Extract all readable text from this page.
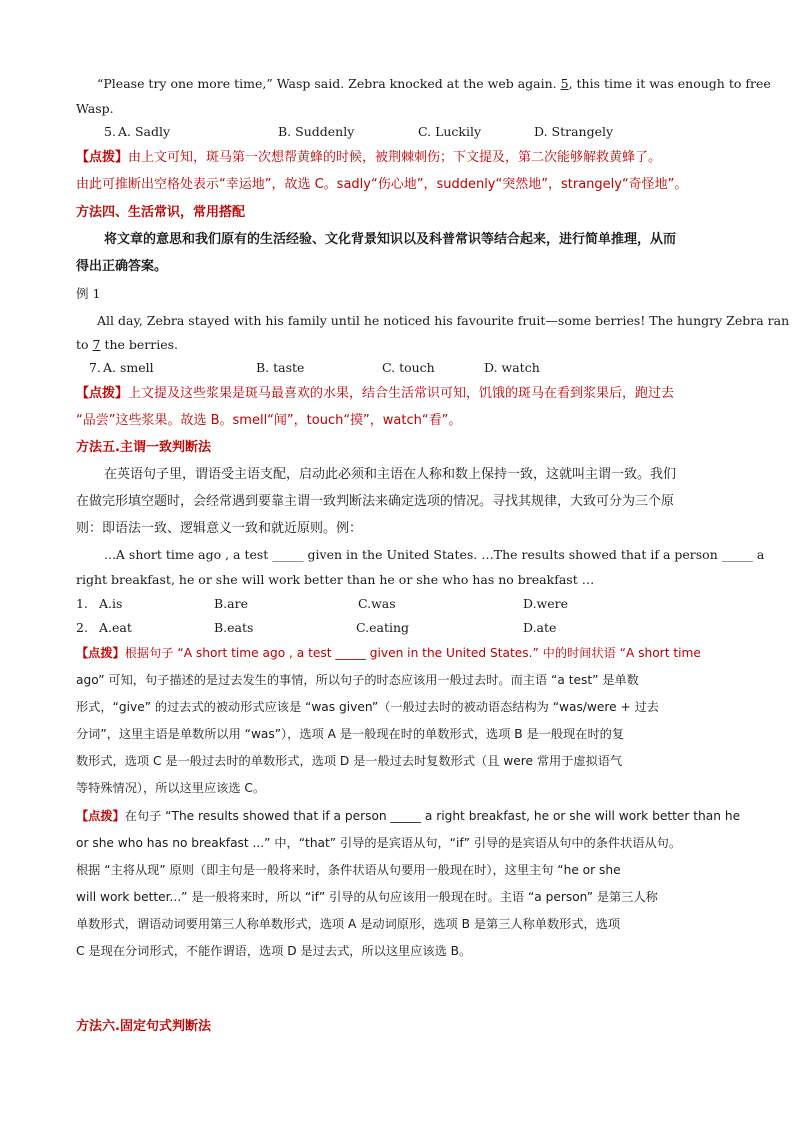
“Please try one more time,” Wasp said. Zebra knocked at the web again. 5, this time it was enough to free
Wasp.
5. A. Sadly	B. Suddenly	C. Luckily	D. Strangely
【点拨】由上文可知，斑马第一次想帮黄蜂的时候，被荆棘刺伤；下文提及，第二次能够解救黄蜂了。
由此可推断出空格处表示“幸运地”，故选 C。sadly“伤心地”，suddenly“突然地”，strangely“奇怪地”。
方法四、生活常识，常用搭配
将文章的意思和我们原有的生活经验、文化背景知识以及科普常识等结合起来，进行简单推理，从而
得出正确答案。
例 1
All day, Zebra stayed with his family until he noticed his favourite fruit—some berries! The hungry Zebra ran
to 7 the berries.
7. A. smell	B. taste	C. touch	D. watch
【点拨】上文提及这些浆果是斑马最喜欢的水果，结合生活常识可知，饥饿的斑马在看到浆果后，跑过去
“品尝”这些浆果。故选 B。smell“闻”，touch“摸”，watch“看”。
方法五.主谓一致判断法
在英语句子里，谓语受主语支配，启动此必须和主语在人称和数上保持一致，这就叫主谓一致。我们
在做完形填空题时，会经常遇到要靠主谓一致判断法来确定选项的情况。寻找其规律，大致可分为三个原
则：即语法一致、逻辑意义一致和就近原则。例：
...A short time ago , a test _____ given in the United States. …The results showed that if a person _____ a
right breakfast, he or she will work better than he or she who has no breakfast …
1. A.is	B.are	C.was	D.were
2. A.eat	B.eats	C.eating	D.ate
【点拨】根据句子 “A short time ago , a test _____ given in the United States.” 中的时间状语 “A short time
ago” 可知，句子描述的是过去发生的事情，所以句子的时态应该用一般过去时。而主语 “a test” 是单数
形式，“give” 的过去式的被动形式应该是 “was given”（一般过去时的被动语态结构为 “was/were + 过去
分词”，这里主语是单数所以用 “was”），选项 A 是一般现在时的单数形式，选项 B 是一般现在时的复
数形式，选项 C 是一般过去时的单数形式，选项 D 是一般过去时复数形式（且 were 常用于虚拟语气
等特殊情况），所以这里应该选 C。
【点拨】在句子 “The results showed that if a person _____ a right breakfast, he or she will work better than he
or she who has no breakfast ...” 中，“that” 引导的是宾语从句，“if” 引导的是宾语从句中的条件状语从句。
根据 “主将从现” 原则（即主句是一般将来时，条件状语从句要用一般现在时），这里主句 “he or she
will work better...” 是一般将来时，所以 “if” 引导的从句应该用一般现在时。主语 “a person” 是第三人称
单数形式，谓语动词要用第三人称单数形式，选项 A 是动词原形，选项 B 是第三人称单数形式，选项
C 是现在分词形式，不能作谓语，选项 D 是过去式，所以这里应该选 B。
方法六.固定句式判断法
